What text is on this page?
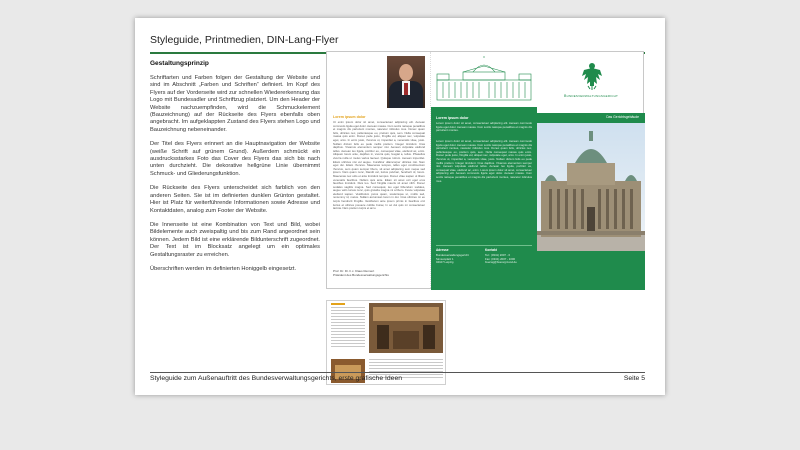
Styleguide, Printmedien, DIN-Lang-Flyer
Gestaltungsprinzip

Schriftarten und Farben folgen der Gestaltung der Website und sind im Abschnitt „Farben und Schriften“ definiert. Im Kopf des Flyers auf der Vorderseite wird zur schnellen Wiedererkennung das Logo mit Bundesadler und Schriftzug platziert. Um den Header der Website nachzuempfinden, wird die Schmuckelement (Bauzeichnung) auf der Rückseite des Flyers ebenfalls oben angebracht. Im aufgeklappten Zustand des Flyers stehen Logo und Bauzeichnung nebeneinander.

Der Titel des Flyers erinnert an die Hauptnavigation der Website (weiße Schrift auf grünem Grund). Außerdem schmückt ein ausdrucksstarkes Foto das Cover des Flyers das sich bis nach unten durchzieht. Die dekorative hellgrüne Linie übernimmt Schmuck- und Gliederungsfunktion.

Die Rückseite des Flyers unterscheidet sich farblich von den anderen Seiten. Sie ist im definierten dunklen Grünton gestaltet. Hier ist Platz für weiterführende Informationen sowie Adresse und Kontaktdaten, analog zum Footer der Website.

Die Innenseite ist eine Kombination von Text und Bild, wobei Bildelemente auch zweispaltig und bis zum Rand angeordnet sein können. Jedem Bild ist eine erklärende Bildunterschrift zugeordnet. Der Text ist im Blocksatz angelegt um ein optimales Gestaltungsraster zu erreichen.

Überschriften werden im definierten Honiggelb eingesetzt.

Lorem ipsum dolor
Ut enim ipsum dolor sit amet, consectetuer adipiscing elit. Aenean commodo ligula eget dolor. Aenean massa. Cum sociis natoque penatibus et magnis dis parturient montes, nascetur ridiculus mus. Donec quam felis, ultricies nec, pellentesque eu, pretium quis, sem. Nulla consequat massa quis enim. Donec pede justo, fringilla vel, aliquet nec, vulputate eget, arcu. In enim justo, rhoncus ut, imperdiet a, venenatis vitae, justo. Nullam dictum felis eu pede mollis pretium. Integer tincidunt. Cras dapibus. Vivamus elementum semper nisi. Aenean vulputate eleifend tellus. Aenean leo ligula, porttitor eu, consequat vitae, eleifend ac, enim. Aliquam lorem ante, dapibus in, viverra quis, feugiat a, tellus. Phasellus viverra nulla ut metus varius laoreet. Quisque rutrum. Aenean imperdiet. Etiam ultricies nisi vel augue. Curabitur ullamcorper ultricies nisi. Nam eget dui. Etiam rhoncus. Maecenas tempus, tellus eget condimentum rhoncus, sem quam semper libero, sit amet adipiscing sem neque sed ipsum. Nam quam nunc, blandit vel, luctus pulvinar, hendrerit id, lorem. Maecenas nec odio et ante tincidunt tempus. Donec vitae sapien ut libero venenatis faucibus. Nullam quis ante. Etiam sit amet orci eget eros faucibus tincidunt. Duis leo. Sed fringilla mauris sit amet nibh. Donec sodales sagittis magna. Sed consequat, leo eget bibendum sodales, augue velit cursus nunc, quis gravida magna mi a libero. Fusce vulputate eleifend sapien. Vestibulum purus quam, scelerisque ut, mollis sed, nonummy id, metus. Nullam accumsan lorem in dui. Cras ultricies mi eu turpis hendrerit fringilla. Vestibulum ante ipsum primis in faucibus orci luctus et ultrices posuere cubilia Curae; In ac dui quis mi consectetuer lacinia. Nam pretium turpis et arcu.
Prof. Dr. Dr. h.c. Klaus Rennert
Präsident des Bundesverwaltungsgerichts
Lorem ipsum dolor
Lorem ipsum dolor sit amet, consectetuer adipiscing elit. Aenean commodo ligula eget dolor. Aenean massa. Cum sociis natoque penatibus et magnis dis parturient montes.
Lorem ipsum dolor sit amet, consectetuer adipiscing elit. Aenean commodo ligula eget dolor. Aenean massa. Cum sociis natoque penatibus et magnis dis parturient montes, nascetur ridiculus mus. Donec quam felis, ultricies nec, pellentesque eu, pretium quis, sem. Nulla consequat massa quis enim. Donec pede justo, fringilla vel, aliquet nec, vulputate eget, arcu. In enim justo, rhoncus ut, imperdiet a, venenatis vitae, justo. Nullam dictum felis eu pede mollis pretium. Integer tincidunt. Cras dapibus. Vivamus elementum semper nisi. Aenean vulputate eleifend tellus. Aenean leo ligula, porttitor eu, consequat vitae, eleifend ac, enim. Lorem ipsum dolor sit amet, consectetuer adipiscing elit. Aenean commodo ligula eget dolor. Aenean massa. Cum sociis natoque penatibus et magnis dis parturient montes, nascetur ridiculus mus.
Adresse	Kontakt
Bundesverwaltungsgericht
Simsonplatz 1
04107 Leipzig
Tel.: (0341) 2007 - 0
Fax: (0341) 2007 - 1000
bverwg@bverwg.bund.de
Bundesverwaltungsgericht
Das Gerichtsgebäude
Styleguide zum Außenauftritt des Bundesverwaltungsgerichts, erste grafische Ideen	Seite 5
